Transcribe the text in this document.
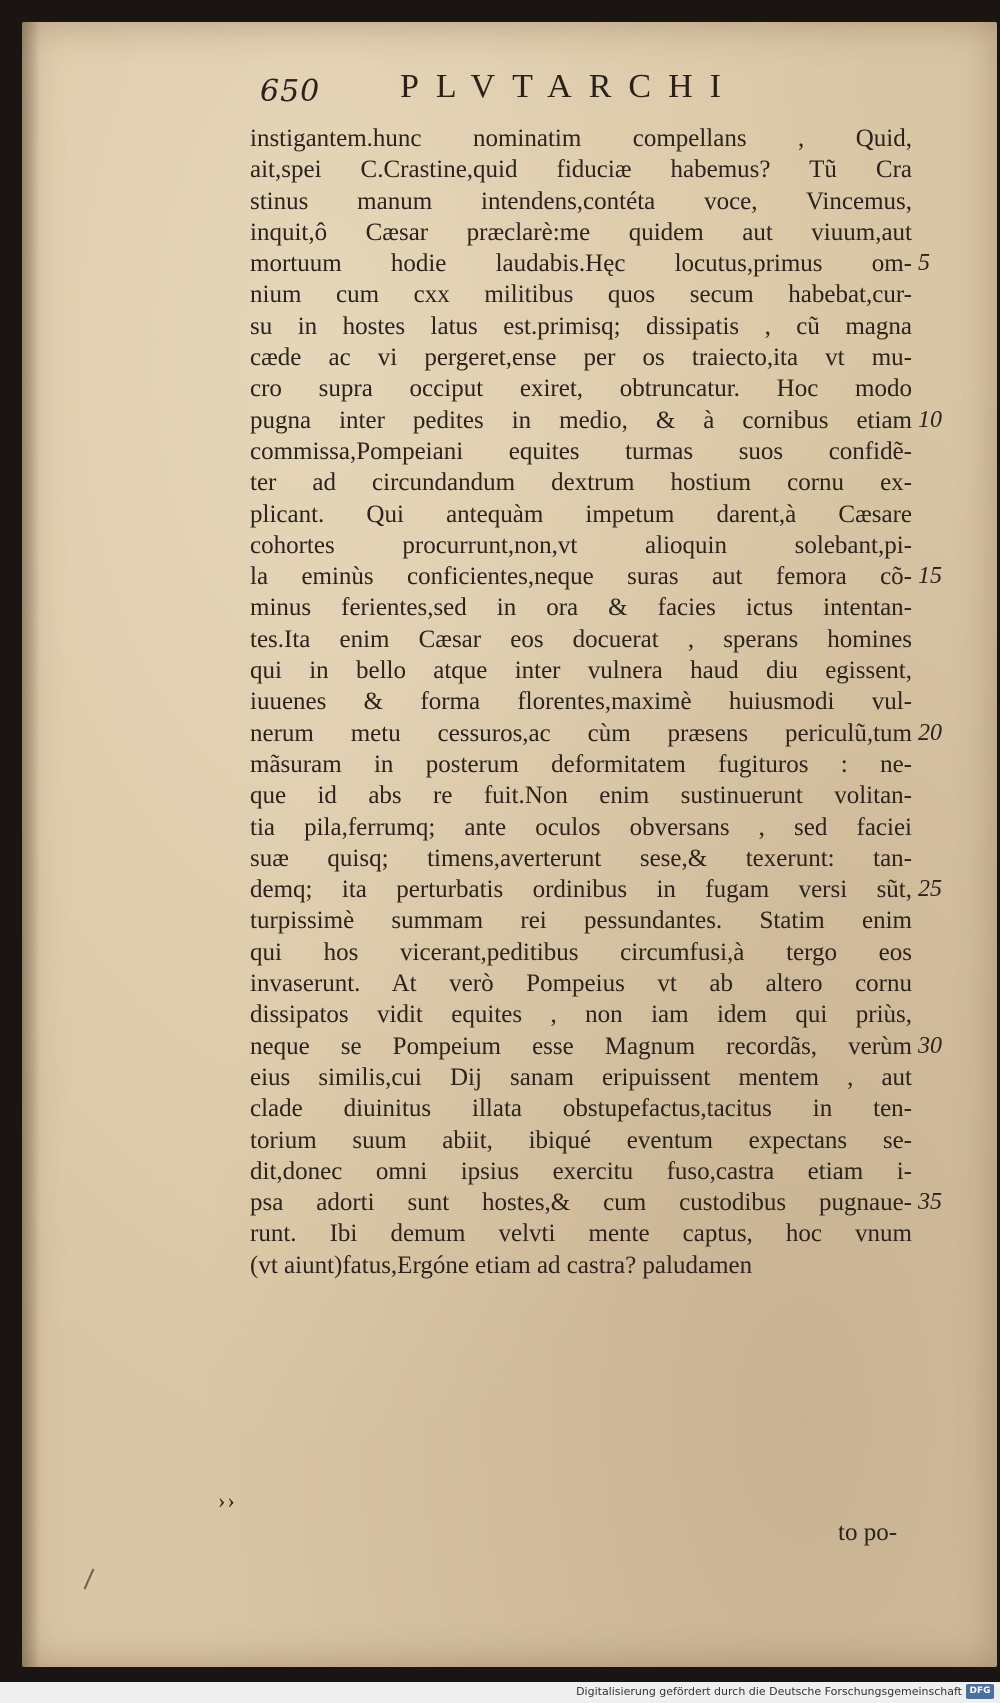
650 PLVTARCHI
instigantem.hunc nominatim compellans , Quid,
ait,spei C.Crastine,quid fiduciæ habemus? Tũ Cra
stinus manum intendens,contéta voce, Vincemus,
inquit,ô Cæsar præclarè:me quidem aut viuum,aut
mortuum hodie laudabis.Hęc locutus,primus om-
nium cum cxx militibus quos secum habebat,cur-
su in hostes latus est.primisq; dissipatis , cũ magna
cæde ac vi pergeret,ense per os traiecto,ita vt mu-
cro supra occiput exiret, obtruncatur. Hoc modo
pugna inter pedites in medio, & à cornibus etiam
commissa,Pompeiani equites turmas suos confidẽ-
ter ad circundandum dextrum hostium cornu ex-
plicant. Qui antequàm impetum darent,à Cæsare
cohortes procurrunt,non,vt alioquin solebant,pi-
la eminùs conficientes,neque suras aut femora cõ-
minus ferientes,sed in ora & facies ictus intentan-
tes.Ita enim Cæsar eos docuerat , sperans homines
qui in bello atque inter vulnera haud diu egissent,
iuuenes & forma florentes,maximè huiusmodi vul-
nerum metu cessuros,ac cùm præsens periculũ,tum
mãsuram in posterum deformitatem fugituros : ne-
que id abs re fuit.Non enim sustinuerunt volitan-
tia pila,ferrumq; ante oculos obversans , sed faciei
suæ quisq; timens,averterunt sese,& texerunt: tan-
demq; ita perturbatis ordinibus in fugam versi sũt,
turpissimè summam rei pessundantes. Statim enim
qui hos vicerant,peditibus circumfusi,à tergo eos
invaserunt. At verò Pompeius vt ab altero cornu
dissipatos vidit equites , non iam idem qui priùs,
neque se Pompeium esse Magnum recordãs, verùm
eius similis,cui Dij sanam eripuissent mentem , aut
clade diuinitus illata obstupefactus,tacitus in ten-
torium suum abiit, ibiqué eventum expectans se-
dit,donec omni ipsius exercitu fuso,castra etiam i-
psa adorti sunt hostes,& cum custodibus pugnaue-
runt. Ibi demum velvti mente captus, hoc vnum
(vt aiunt)fatus,Ergóne etiam ad castra? paludamen
5
10
15
20
25
30
35
››
to po-
Digitalisierung gefördert durch die Deutsche Forschungsgemeinschaft DFG
